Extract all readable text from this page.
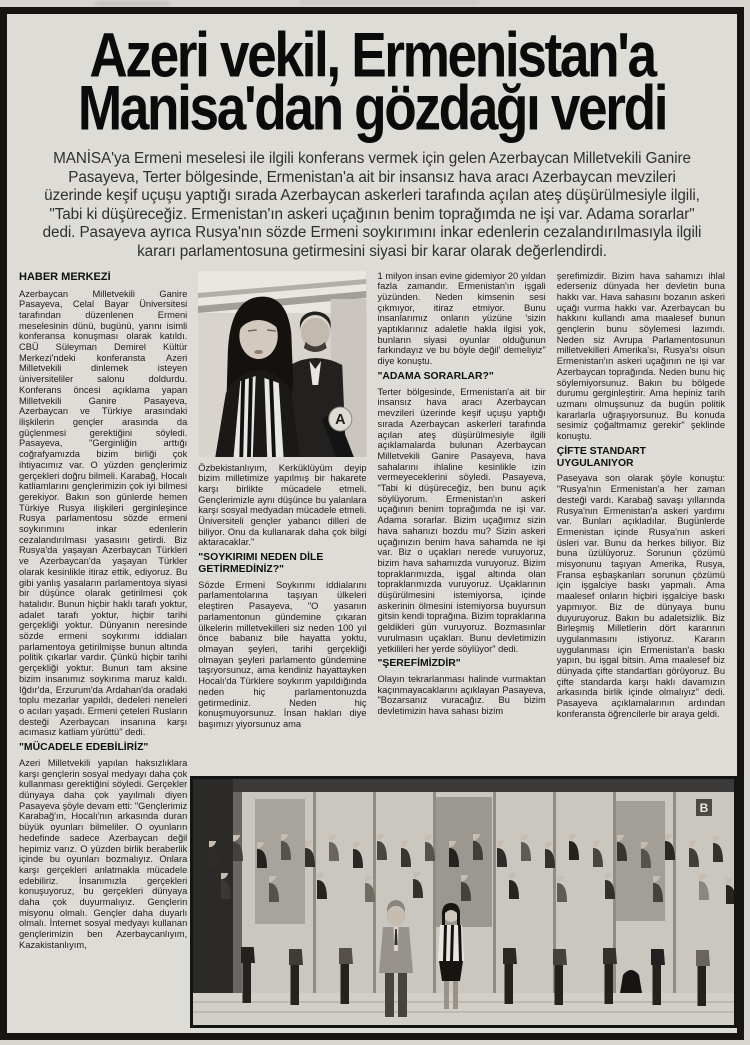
Azeri vekil, Ermenistan'a
Manisa'dan gözdağı verdi

MANİSA'ya Ermeni meselesi ile ilgili konferans vermek için gelen Azerbaycan Milletvekili Ganire Pasayeva, Terter bölgesinde, Ermenistan'a ait bir insansız hava aracı Azerbaycan mevzileri üzerinde keşif uçuşu yaptığı sırada Azerbaycan askerleri tarafında açılan ateş düşürülmesiyle ilgili, "Tabi ki düşüreceğiz. Ermenistan'ın askeri uçağının benim toprağımda ne işi var. Adama sorarlar" dedi. Pasayeva ayrıca Rusya'nın sözde Ermeni soykırımını inkar edenlerin cezalandırılmasıyla ilgili kararı parlamentosuna getirmesini siyasi bir karar olarak değerlendirdi.

HABER MERKEZİ

Azerbaycan Milletvekili Ganire Pasayeva, Celal Bayar Üniversitesi tarafından düzenlenen Ermeni meselesinin dünü, bugünü, yarını isimli konferansa konuşması olarak katıldı. CBÜ Süleyman Demirel Kültür Merkezi'ndeki konferansta Azeri Milletvekili dinlemek isteyen üniversiteliler salonu doldurdu. Konferans öncesi açıklama yapan Milletvekili Ganire Pasayeva, Azerbaycan ve Türkiye arasındaki ilişkilerin gençler arasında da güçlenmesi gerektiğini söyledi. Pasayeva, "Gerginliğin arttığı coğrafyamızda bizim birliği çok ihtiyacımız var. O yüzden gençlerimiz gerçekleri doğru bilmeli. Karabağ, Hocalı katliamlarını gençlerimizin çok iyi bilmesi gerekiyor. Bakın son günlerde hemen Türkiye Rusya ilişkileri gerginleşince Rusya parlamentosu sözde ermeni soykırımını inkar edenlerin cezalandırılması yasasını getirdi. Biz Rusya'da yaşayan Azerbaycan Türkleri ve Azerbaycan'da yaşayan Türkler olarak kesinlikle itiraz ettik, ediyoruz. Bu gibi yanlış yasaların parlamentoya siyasi bir düşünce olarak getirilmesi çok hatalıdır. Bunun hiçbir haklı tarafı yoktur, adalet tarafı yoktur, hiçbir tarihi gerçekliği yoktur. Dünyanın neresinde sözde ermeni soykırımı iddiaları parlamentoya getirilmişse bunun altında politik çıkarlar vardır. Çünkü hiçbir tarihi gerçekliği yoktur. Bunun tam aksine bizim insanımız soykırıma maruz kaldı. Iğdır'da, Erzurum'da Ardahan'da oradaki toplu mezarlar yapıldı, dedeleri neneleri o acıları yaşadı. Ermeni çeteleri Rusların desteği Azerbaycan insanına karşı acımasız katliam yürüttü" dedi.

"MÜCADELE EDEBİLİRİZ"

Azeri Milletvekili yapılan haksızlıklara karşı gençlerin sosyal medyayı daha çok kullanması gerektiğini söyledi. Gerçekler dünyaya daha çok yayılmalı diyen Pasayeva şöyle devam etti: "Gençlerimiz Karabağ'ın, Hocalı'nın arkasında duran büyük oyunları bilmeliler. O oyunların hedefinde sadece Azerbaycan değil hepimiz varız. O yüzden birlik beraberlik içinde bu oyunları bozmalıyız. Onlara karşı gerçekleri anlatmakla mücadele edebiliriz. İnsanımızla gerçekleri konuşuyoruz, bu gerçekleri dünyaya daha çok duyurmalıyız. Gençlerin misyonu olmalı. Gençler daha duyarlı olmalı. İnternet sosyal medyayı kullanan gençlerimizin ben Azerbaycanlıyım, Kazakistanlıyım,

A

Özbekistanlıyım, Kerküklüyüm deyip bizim milletimize yapılmış bir hakarete karşı birlikte mücadele etmeli. Gençlerimizle aynı düşünce bu yalanlara karşı sosyal medyadan mücadele etmeli. Üniversiteli gençler yabancı dilleri de biliyor. Onu da kullanarak daha çok bilgi aktaracaklar."

"SOYKIRIMI NEDEN DİLE GETİRMEDİNİZ?"

Sözde Ermeni Soykırımı iddialarını parlamentolarına taşıyan ülkeleri eleştiren Pasayeva, "O yasanın parlamentonun gündemine çıkaran ülkelerin milletvekilleri siz neden 100 yıl önce babanız bile hayatta yoktu, olmayan şeyleri, tarihi gerçekliği olmayan şeyleri parlamento gündemine taşıyorsunuz, ama kendiniz hayattayken Hocalı'da Türklere soykırım yapıldığında neden hiç parlamentonuzda getirmediniz. Neden hiç konuşmuyorsunuz. İnsan hakları diye başımızı yiyorsunuz ama

1 milyon insan evine gidemiyor 20 yıldan fazla zamandır. Ermenistan'ın işgali yüzünden. Neden kimsenin sesi çıkmıyor, itiraz etmiyor. Bunu insanlarımız onların yüzüne 'sizin yaptıklarınız adaletle hakla ilgisi yok, bunların siyasi oyunlar olduğunun farkındayız ve bu böyle değil' demeliyiz" diye konuştu.

"ADAMA SORARLAR?"

Terter bölgesinde, Ermenistan'a ait bir insansız hava aracı Azerbaycan mevzileri üzerinde keşif uçuşu yaptığı sırada Azerbaycan askerleri tarafında açılan ateş düşürülmesiyle ilgili açıklamalarda bulunan Azerbaycan Milletvekili Ganire Pasayeva, hava sahalarını ihlaline kesinlikle izin vermeyeceklerini söyledi. Pasayeva, "Tabi ki düşüreceğiz, ben bunu açık söylüyorum. Ermenistan'ın askeri uçağının benim toprağımda ne işi var. Adama sorarlar. Bizim uçağımız sizin hava sahanızı bozdu mu? Sizin askeri uçağınızın benim hava sahamda ne işi var. Biz o uçakları nerede vuruyoruz, bizim hava sahamızda vuruyoruz. Bizim topraklarımızda, işgal altında olan topraklarımızda vuruyoruz. Uçaklarının düşürülmesini istemiyorsa, içinde askerinin ölmesini istemiyorsa buyursun gitsin kendi toprağına. Bizim topraklarına geldikleri gün vuruyoruz. Bozmasınlar vurulmasın uçakları. Bunu devletimizin yetkilileri her yerde söylüyor" dedi.

"ŞEREFİMİZDİR"

Olayın tekrarlanması halinde vurmaktan kaçınmayacaklarını açıklayan Pasayeva, "Bozarsanız vuracağız. Bu bizim devletimizin hava sahası bizim

şerefimizdir. Bizim hava sahamızı ihlal ederseniz dünyada her devletin buna hakkı var. Hava sahasını bozanın askeri uçağı vurma hakkı var. Azerbaycan bu hakkını kullandı ama maalesef bunun gençlerin bunu söylemesi lazımdı. Neden siz Avrupa Parlamentosunun milletvekilleri Amerika'sı, Rusya'sı olsun Ermenistan'ın askeri uçağının ne işi var Azerbaycan toprağında. Neden bunu hiç söylemiyorsunuz. Bakın bu bölgede durumu gerginleştirir. Ama hepiniz tarih uzmanı olmuşsunuz da bugün politik kararlarla uğraşıyorsunuz. Bu konuda sesimiz çoğaltmamız gerekir" şeklinde konuştu.

ÇİFTE STANDART UYGULANIYOR

Paseyava son olarak şöyle konuştu: "Rusya'nın Ermenistan'a her zaman desteği vardı. Karabağ savaşı yıllarında Rusya'nın Ermenistan'a askeri yardımı var. Bunları açıkladılar. Bugünlerde Ermenistan içinde Rusya'nın askeri üsleri var. Bunu da herkes biliyor. Biz buna üzülüyoruz. Sorunun çözümü misyonunu taşıyan Amerika, Rusya, Fransa eşbaşkanları sorunun çözümü için işgalciye baskı yapmalı. Ama maalesef onların hiçbiri işgalciye baskı yapmıyor. Biz de dünyaya bunu duyuruyoruz. Bakın bu adaletsizlik. Biz Birleşmiş Milletlerin dört kararının uygulanmasını istiyoruz. Kararın uygulanması için Ermenistan'a baskı yapın, bu işgal bitsin. Ama maalesef biz dünyada çifte standartları görüyoruz. Bu çifte standarda karşı haklı davamızın arkasında birlik içinde olmalıyız" dedi. Pasayeva açıklamalarının ardından konferansta öğrencilerle bir araya geldi.

B
